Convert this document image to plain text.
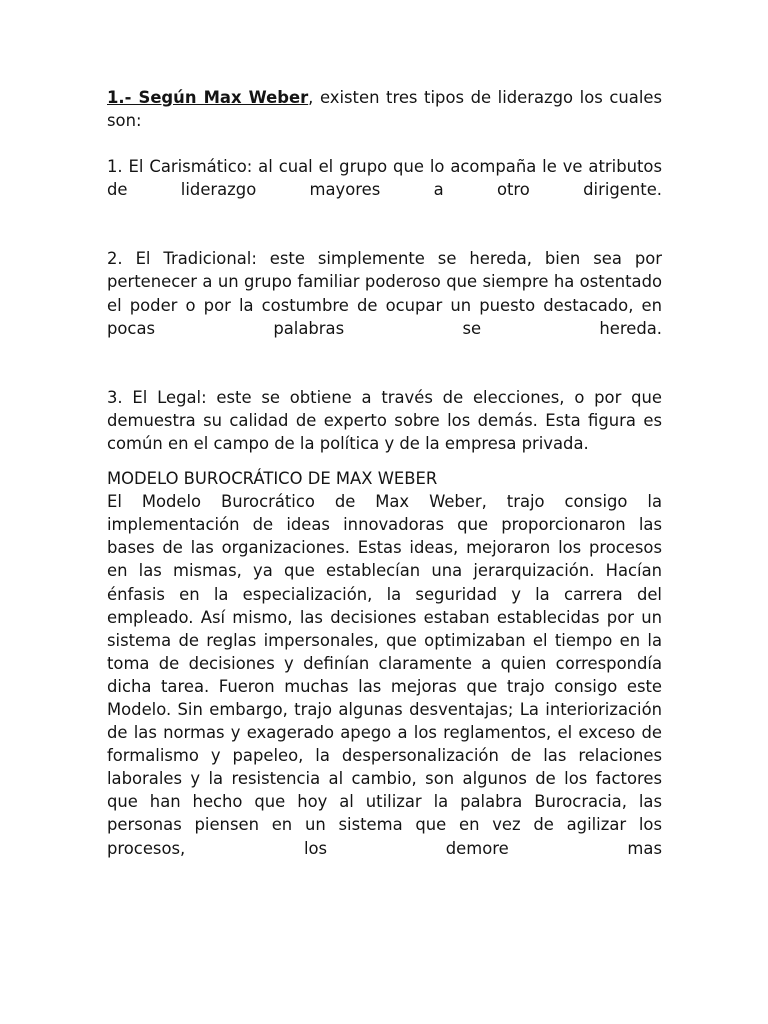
1.- Según Max Weber, existen tres tipos de liderazgo los cuales son:

1. El Carismático: al cual el grupo que lo acompaña le ve atributos de liderazgo mayores a otro dirigente.

2. El Tradicional: este simplemente se hereda, bien sea por pertenecer a un grupo familiar poderoso que siempre ha ostentado el poder o por la costumbre de ocupar un puesto destacado, en pocas palabras se hereda.

3. El Legal: este se obtiene a través de elecciones, o por que demuestra su calidad de experto sobre los demás. Esta figura es común en el campo de la política y de la empresa privada.

MODELO BUROCRÁTICO DE MAX WEBER

El Modelo Burocrático de Max Weber, trajo consigo la implementación de ideas innovadoras que proporcionaron las bases de las organizaciones. Estas ideas, mejoraron los procesos en las mismas, ya que establecían una jerarquización. Hacían énfasis en la especialización, la seguridad y la carrera del empleado. Así mismo, las decisiones estaban establecidas por un sistema de reglas impersonales, que optimizaban el tiempo en la toma de decisiones y definían claramente a quien correspondía dicha tarea. Fueron muchas las mejoras que trajo consigo este Modelo. Sin embargo, trajo algunas desventajas; La interiorización de las normas y exagerado apego a los reglamentos, el exceso de formalismo y papeleo, la despersonalización de las relaciones laborales y la resistencia al cambio, son algunos de los factores que han hecho que hoy al utilizar la palabra Burocracia, las personas piensen en un sistema que en vez de agilizar los procesos, los demore mas
